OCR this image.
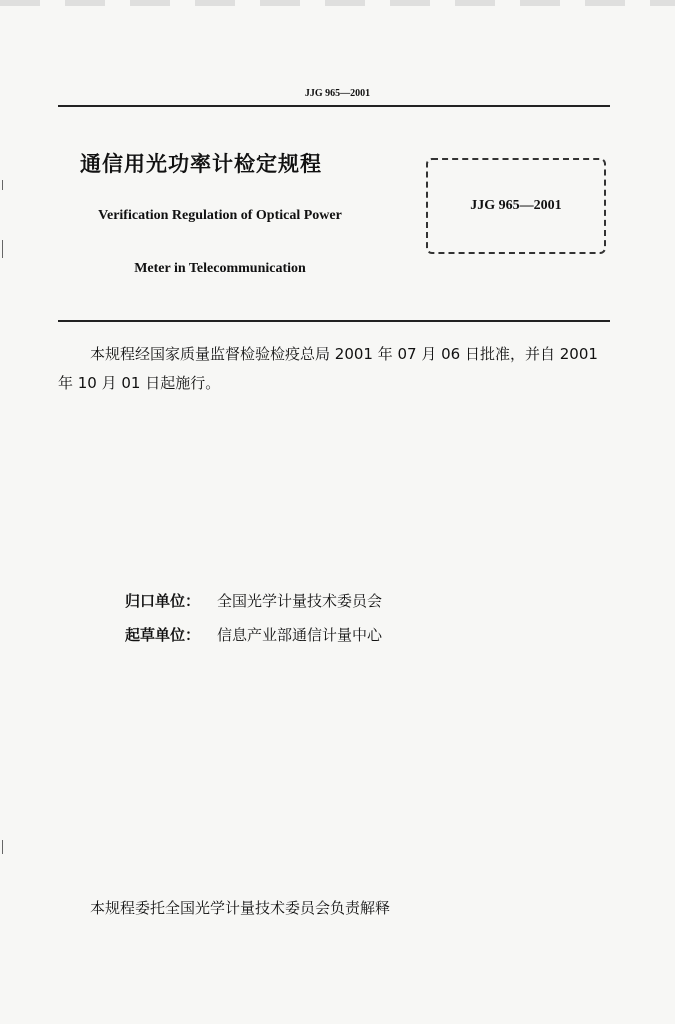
JJG 965—2001
通信用光功率计检定规程
Verification Regulation of Optical Power
Meter in Telecommunication
JJG 965—2001
本规程经国家质量监督检验检疫总局 2001 年 07 月 06 日批准，并自 2001 年 10 月 01 日起施行。
归口单位： 全国光学计量技术委员会
起草单位： 信息产业部通信计量中心
本规程委托全国光学计量技术委员会负责解释
